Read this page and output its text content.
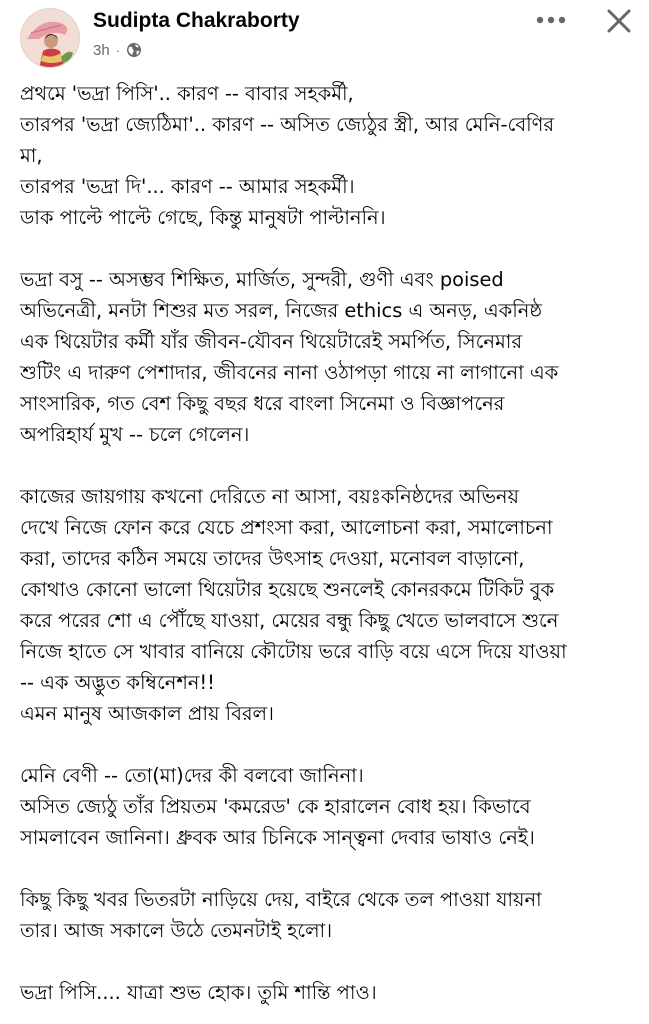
Sudipta Chakraborty
3h ·
প্রথমে 'ভদ্রা পিসি'.. কারণ -- বাবার সহকর্মী,
তারপর 'ভদ্রা জ্যেঠিমা'.. কারণ -- অসিত জ্যেঠুর স্ত্রী, আর মেনি-বেণির
মা,
তারপর 'ভদ্রা দি'... কারণ -- আমার সহকর্মী।
ডাক পাল্টে পাল্টে গেছে, কিন্তু মানুষটা পাল্টাননি।
ভদ্রা বসু -- অসম্ভব শিক্ষিত, মার্জিত, সুন্দরী, গুণী এবং poised
অভিনেত্রী, মনটা শিশুর মত সরল, নিজের ethics এ অনড়, একনিষ্ঠ
এক থিয়েটার কর্মী যাঁর জীবন-যৌবন থিয়েটারেই সমর্পিত, সিনেমার
শুটিং এ দারুণ পেশাদার, জীবনের নানা ওঠাপড়া গায়ে না লাগানো এক
সাংসারিক, গত বেশ কিছু বছর ধরে বাংলা সিনেমা ও বিজ্ঞাপনের
অপরিহার্য মুখ -- চলে গেলেন।
কাজের জায়গায় কখনো দেরিতে না আসা, বয়ঃকনিষ্ঠদের অভিনয়
দেখে নিজে ফোন করে যেচে প্রশংসা করা, আলোচনা করা, সমালোচনা
করা, তাদের কঠিন সময়ে তাদের উৎসাহ দেওয়া, মনোবল বাড়ানো,
কোথাও কোনো ভালো থিয়েটার হয়েছে শুনলেই কোনরকমে টিকিট বুক
করে পরের শো এ পৌঁছে যাওয়া, মেয়ের বন্ধু কিছু খেতে ভালবাসে শুনে
নিজে হাতে সে খাবার বানিয়ে কৌটোয় ভরে বাড়ি বয়ে এসে দিয়ে যাওয়া
-- এক অদ্ভুত কম্বিনেশন!!
এমন মানুষ আজকাল প্রায় বিরল।
মেনি বেণী -- তো(মা)দের কী বলবো জানিনা।
অসিত জ্যেঠু তাঁর প্রিয়তম 'কমরেড' কে হারালেন বোধ হয়। কিভাবে
সামলাবেন জানিনা। ধ্রুবক আর চিনিকে সান্ত্বনা দেবার ভাষাও নেই।
কিছু কিছু খবর ভিতরটা নাড়িয়ে দেয়, বাইরে থেকে তল পাওয়া যায়না
তার। আজ সকালে উঠে তেমনটাই হলো।
ভদ্রা পিসি.... যাত্রা শুভ হোক। তুমি শান্তি পাও।
